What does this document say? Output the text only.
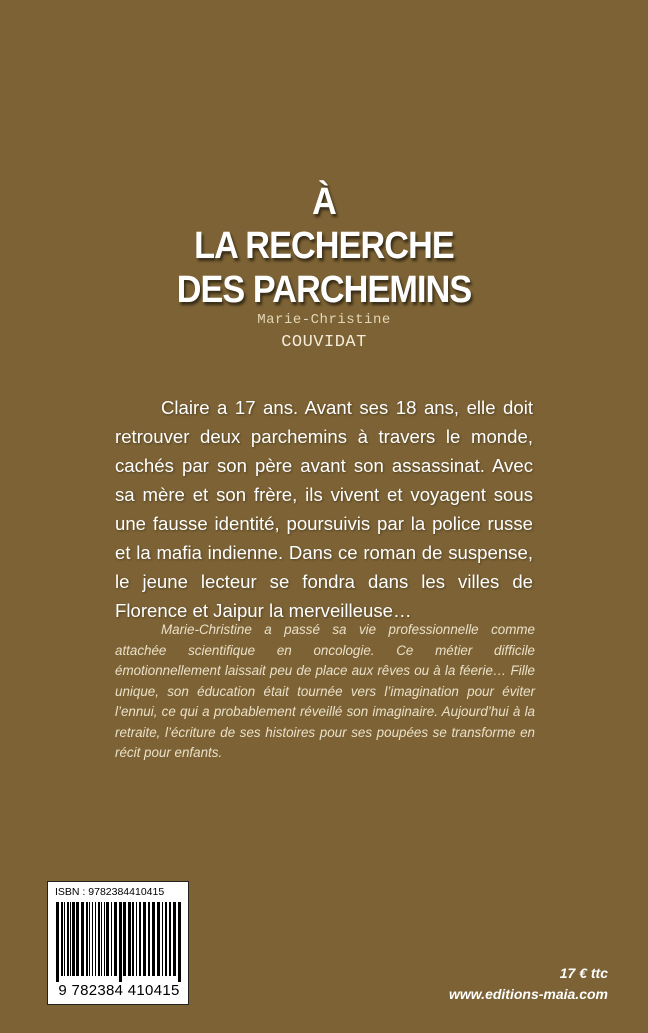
À
LA RECHERCHE
DES PARCHEMINS
Marie-Christine
COUVIDAT

Claire a 17 ans. Avant ses 18 ans, elle doit retrouver deux parchemins à travers le monde, cachés par son père avant son assassinat. Avec sa mère et son frère, ils vivent et voyagent sous une fausse identité, poursuivis par la police russe et la mafia indienne. Dans ce roman de suspense, le jeune lecteur se fondra dans les villes de Florence et Jaipur la merveilleuse…

Marie-Christine a passé sa vie professionnelle comme attachée scientifique en oncologie. Ce métier difficile émotionnellement laissait peu de place aux rêves ou à la féerie… Fille unique, son éducation était tournée vers l’imagination pour éviter l’ennui, ce qui a probablement réveillé son imaginaire. Aujourd’hui à la retraite, l’écriture de ses histoires pour ses poupées se transforme en récit pour enfants.

ISBN : 9782384410415
9 782384 410415
17 € ttc
www.editions-maia.com
